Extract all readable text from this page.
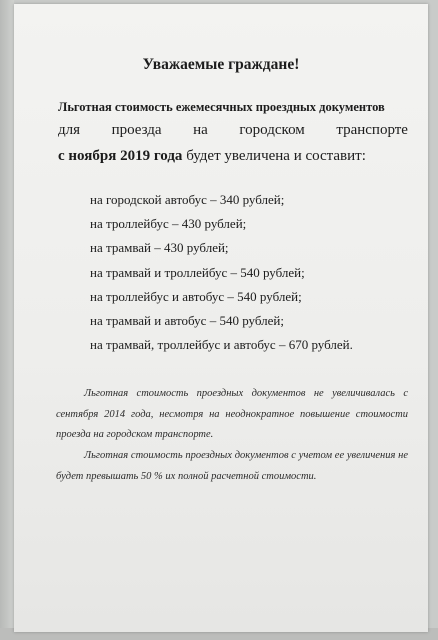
Уважаемые граждане!
Льготная стоимость ежемесячных проездных документов
для проезда на городском транспорте
с ноября 2019 года будет увеличена и составит:
на городской автобус – 340 рублей;
на троллейбус – 430 рублей;
на трамвай – 430 рублей;
на трамвай и троллейбус – 540 рублей;
на троллейбус и автобус – 540 рублей;
на трамвай и автобус – 540 рублей;
на трамвай, троллейбус и автобус – 670 рублей.
Льготная стоимость проездных документов не увеличивалась с сентября 2014 года, несмотря на неоднократное повышение стоимости проезда на городском транспорте.
Льготная стоимость проездных документов с учетом ее увеличения не будет превышать 50 % их полной расчетной стоимости.
